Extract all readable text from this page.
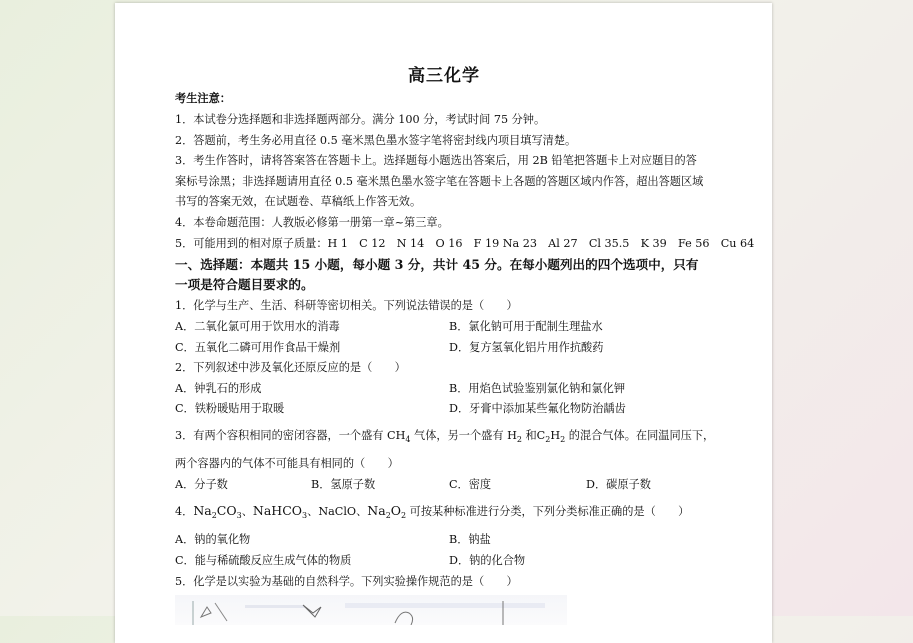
高三化学
考生注意：
1．本试卷分选择题和非选择题两部分。满分 100 分，考试时间 75 分钟。
2．答题前，考生务必用直径 0.5 毫米黑色墨水签字笔将密封线内项目填写清楚。
3．考生作答时，请将答案答在答题卡上。选择题每小题选出答案后，用 2B 铅笔把答题卡上对应题目的答
案标号涂黑；非选择题请用直径 0.5 毫米黑色墨水签字笔在答题卡上各题的答题区域内作答，超出答题区域
书写的答案无效，在试题卷、草稿纸上作答无效。
4．本卷命题范围：人教版必修第一册第一章~第三章。
5．可能用到的相对原子质量：H 1　C 12　N 14　O 16　F 19 Na 23　Al 27　Cl 35.5　K 39　Fe 56　Cu 64
一、选择题：本题共 15 小题，每小题 3 分，共计 45 分。在每小题列出的四个选项中，只有
一项是符合题目要求的。
1．化学与生产、生活、科研等密切相关。下列说法错误的是（　　）
A．二氧化氯可用于饮用水的消毒	B．氯化钠可用于配制生理盐水
C．五氧化二磷可用作食品干燥剂	D．复方氢氧化铝片用作抗酸药
2．下列叙述中涉及氧化还原反应的是（　　）
A．钟乳石的形成	B．用焰色试验鉴别氯化钠和氯化钾
C．铁粉暖贴用于取暖	D．牙膏中添加某些氟化物防治龋齿
3．有两个容积相同的密闭容器，一个盛有 $CH_4$ 气体，另一个盛有 $H_2$ 和$C_2H_2$ 的混合气体。在同温同压下，
两个容器内的气体不可能具有相同的（　　）
A．分子数	B．氢原子数	C．密度	D．碳原子数
4．$Na_2CO_3$、NaHCO$_3$、NaClO、$Na_2O_2$ 可按某种标准进行分类，下列分类标准正确的是（　　）
A．钠的氧化物	B．钠盐
C．能与稀硫酸反应生成气体的物质	D．钠的化合物
5．化学是以实验为基础的自然科学。下列实验操作规范的是（　　）
